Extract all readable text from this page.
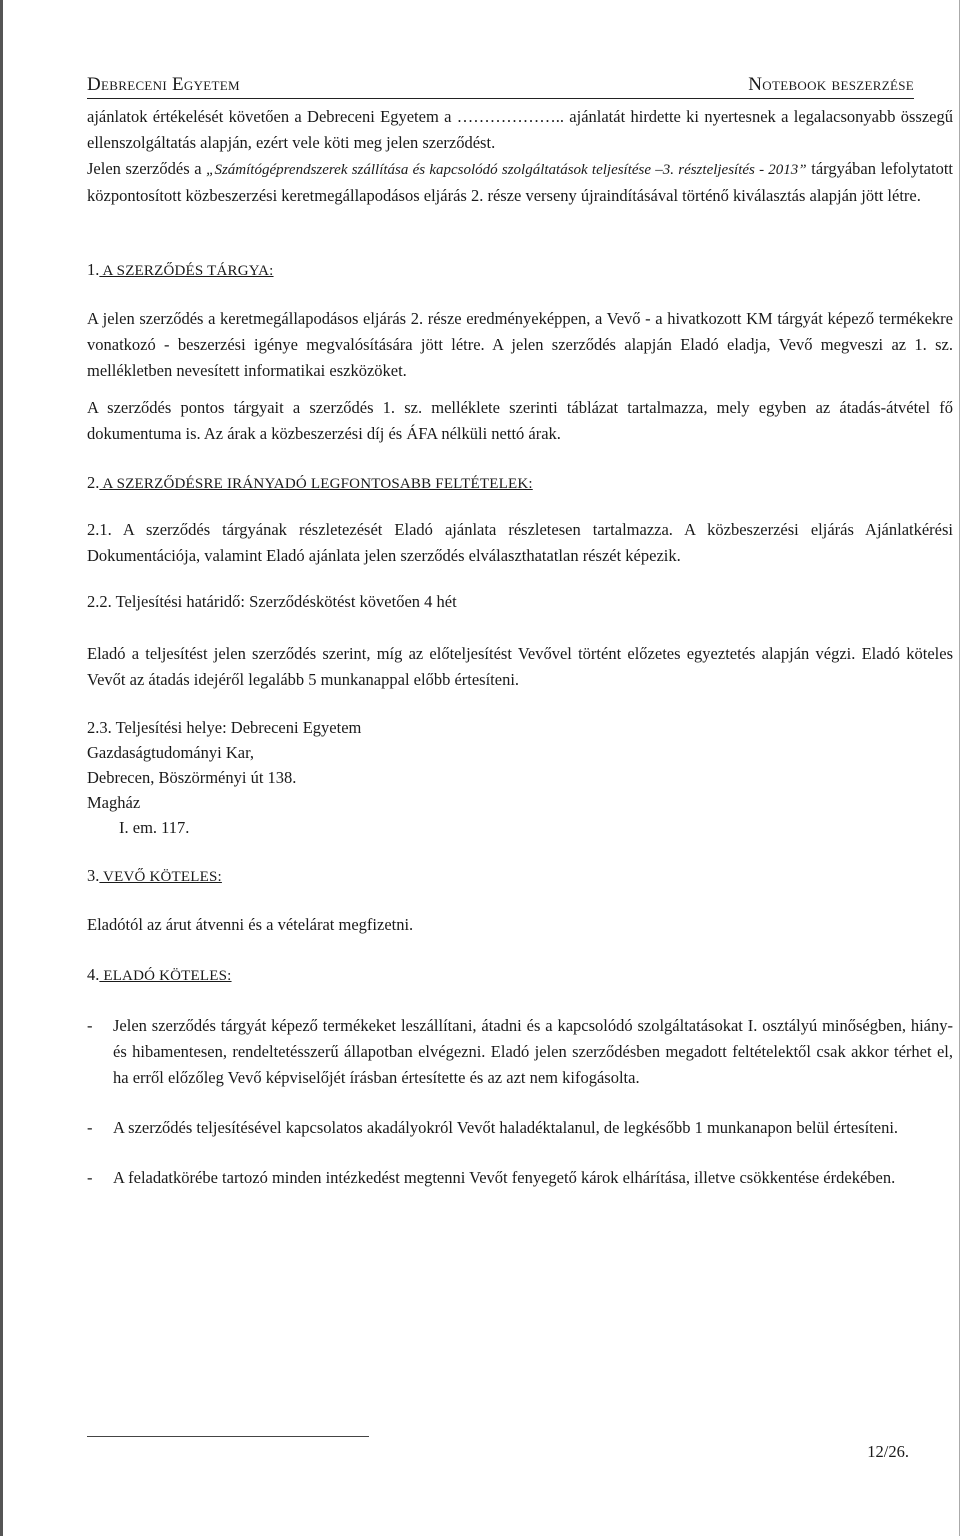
Debreceni Egyetem	Notebook beszerzése

ajánlatok értékelését követően a Debreceni Egyetem a ……………….. ajánlatát hirdette ki nyertesnek a legalacsonyabb összegű ellenszolgáltatás alapján, ezért vele köti meg jelen szerződést.

Jelen szerződés a „Számítógéprendszerek szállítása és kapcsolódó szolgáltatások teljesítése –3. részteljesítés - 2013” tárgyában lefolytatott központosított közbeszerzési keretmegállapodásos eljárás 2. része verseny újraindításával történő kiválasztás alapján jött létre.

1. A SZERZŐDÉS TÁRGYA:

A jelen szerződés a keretmegállapodásos eljárás 2. része eredményeképpen, a Vevő - a hivatkozott KM tárgyát képező termékekre vonatkozó - beszerzési igénye megvalósítására jött létre. A jelen szerződés alapján Eladó eladja, Vevő megveszi az 1. sz. mellékletben nevesített informatikai eszközöket.

A szerződés pontos tárgyait a szerződés 1. sz. melléklete szerinti táblázat tartalmazza, mely egyben az átadás-átvétel fő dokumentuma is. Az árak a közbeszerzési díj és ÁFA nélküli nettó árak.

2. A SZERZŐDÉSRE IRÁNYADÓ LEGFONTOSABB FELTÉTELEK:

2.1. A szerződés tárgyának részletezését Eladó ajánlata részletesen tartalmazza. A közbeszerzési eljárás Ajánlatkérési Dokumentációja, valamint Eladó ajánlata jelen szerződés elválaszthatatlan részét képezik.

2.2. Teljesítési határidő: Szerződéskötést követően 4 hét

Eladó a teljesítést jelen szerződés szerint, míg az előteljesítést Vevővel történt előzetes egyeztetés alapján végzi. Eladó köteles Vevőt az átadás idejéről legalább 5 munkanappal előbb értesíteni.

2.3. Teljesítési helye: Debreceni Egyetem

Gazdaságtudományi Kar,

Debrecen, Böszörményi út 138.

Magház

I. em. 117.

3. VEVŐ KÖTELES:

Eladótól az árut átvenni és a vételárat megfizetni.

4. ELADÓ KÖTELES:

-	Jelen szerződés tárgyát képező termékeket leszállítani, átadni és a kapcsolódó szolgáltatásokat I. osztályú minőségben, hiány- és hibamentesen, rendeltetésszerű állapotban elvégezni. Eladó jelen szerződésben megadott feltételektől csak akkor térhet el, ha erről előzőleg Vevő képviselőjét írásban értesítette és az azt nem kifogásolta.
-	A szerződés teljesítésével kapcsolatos akadályokról Vevőt haladéktalanul, de legkésőbb 1 munkanapon belül értesíteni.
-	A feladatkörébe tartozó minden intézkedést megtenni Vevőt fenyegető károk elhárítása, illetve csökkentése érdekében.
12/26.
